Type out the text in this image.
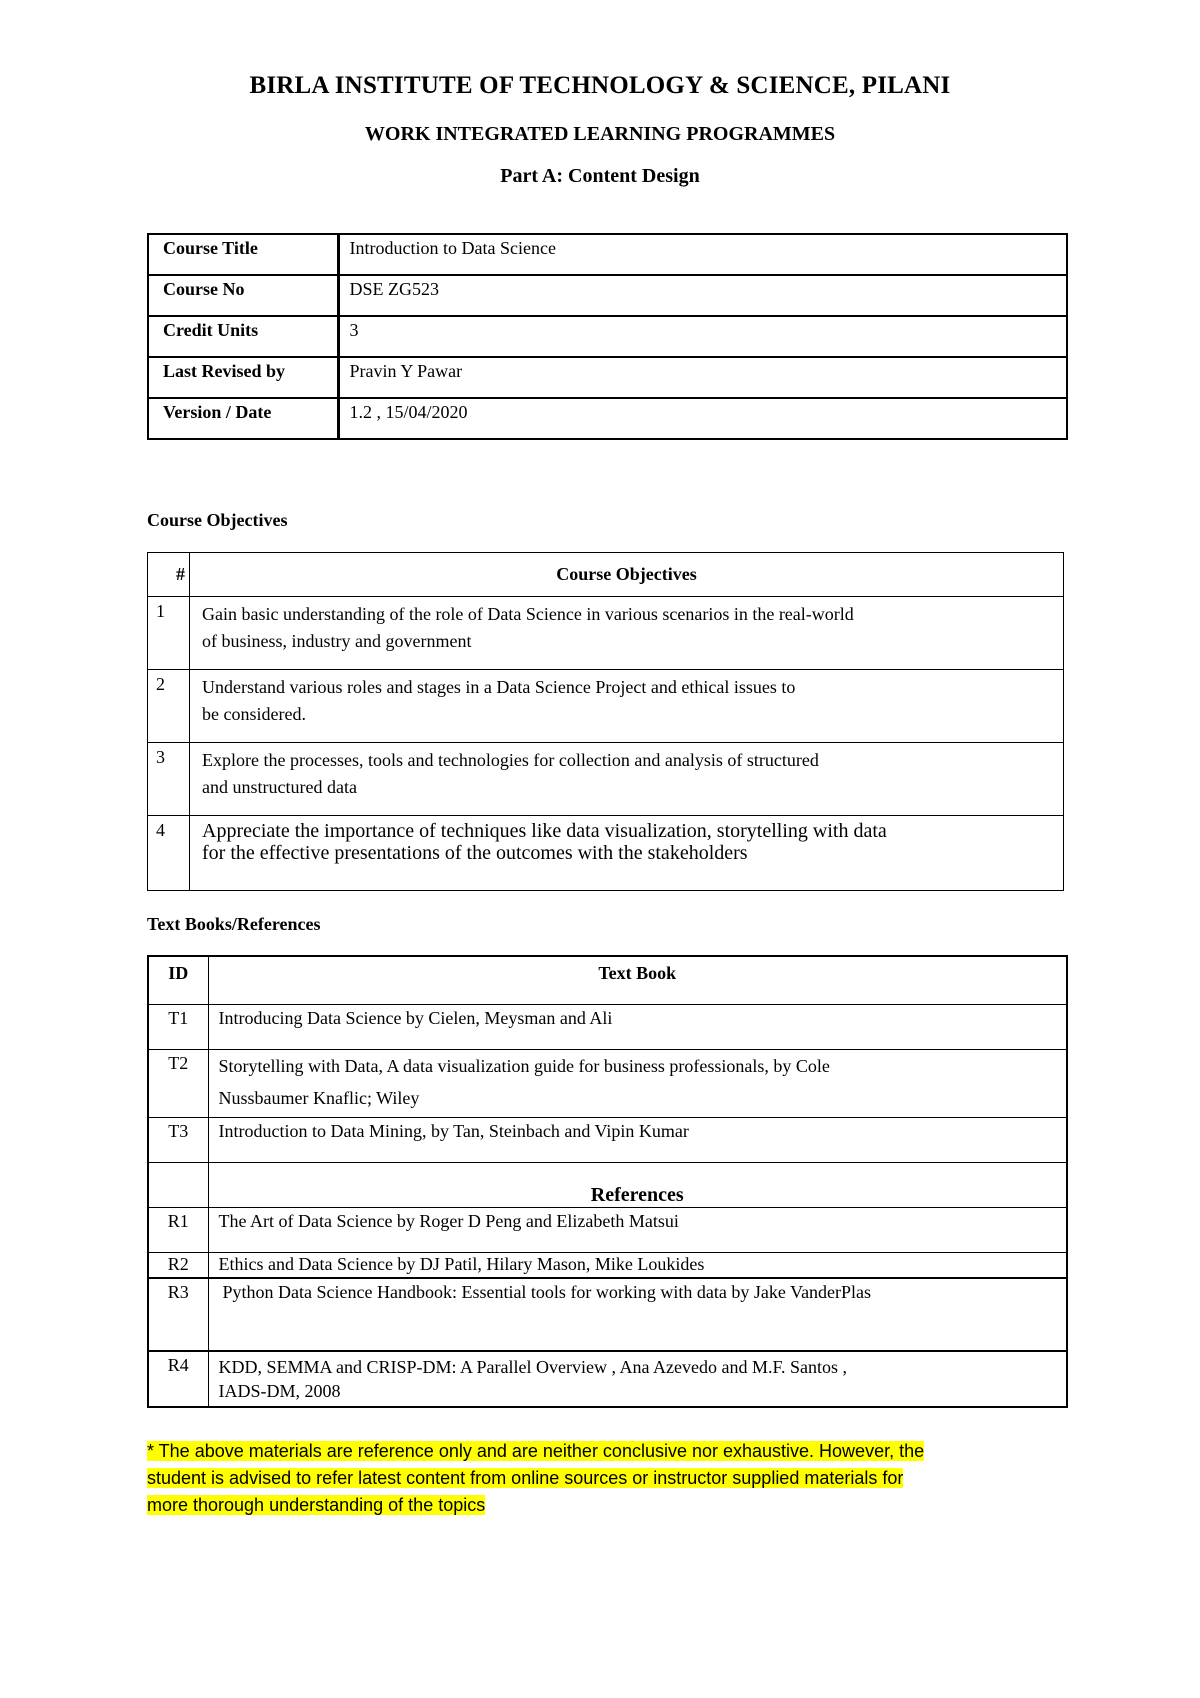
BIRLA INSTITUTE OF TECHNOLOGY & SCIENCE, PILANI
WORK INTEGRATED LEARNING PROGRAMMES
Part A: Content Design
Course Title	Introduction to Data Science
Course No	DSE ZG523
Credit Units	3
Last Revised by	Pravin Y Pawar
Version / Date	1.2 , 15/04/2020
Course Objectives
#	Course Objectives
1	Gain basic understanding of the role of Data Science in various scenarios in the real-world
of business, industry and government

2	Understand various roles and stages in a Data Science Project and ethical issues to
be considered.

3	Explore the processes, tools and technologies for collection and analysis of structured
and unstructured data

4	Appreciate the importance of techniques like data visualization, storytelling with data
for the effective presentations of the outcomes with the stakeholders
Text Books/References
ID	Text Book
T1	Introducing Data Science by Cielen, Meysman and Ali
T2	Storytelling with Data, A data visualization guide for business professionals, by Cole
Nussbaumer Knaflic; Wiley

T3	Introduction to Data Mining, by Tan, Steinbach and Vipin Kumar
	References
R1	The Art of Data Science by Roger D Peng and Elizabeth Matsui
R2	Ethics and Data Science by DJ Patil, Hilary Mason, Mike Loukides
R3	Python Data Science Handbook: Essential tools for working with data by Jake VanderPlas
R4	KDD, SEMMA and CRISP-DM: A Parallel Overview , Ana Azevedo and M.F. Santos ,
IADS-DM, 2008
* The above materials are reference only and are neither conclusive nor exhaustive. However, the
student is advised to refer latest content from online sources or instructor supplied materials for
more thorough understanding of the topics
